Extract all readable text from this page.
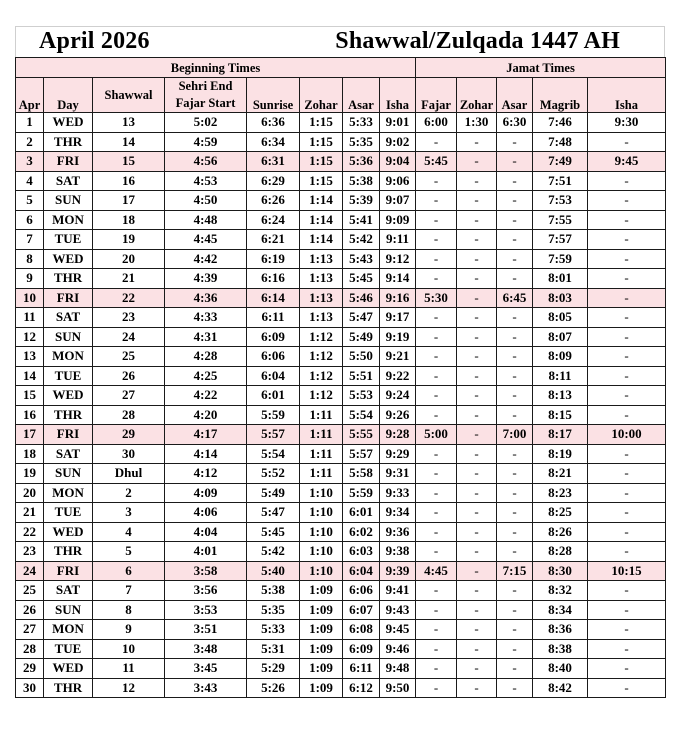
April 2026	Shawwal/Zulqada 1447 AH
Beginning Times								Jamat Times				
Apr	Day	Shawwal	Sehri End
Fajar Start	Sunrise	Zohar	Asar	Isha	Fajar	Zohar	Asar	Magrib	Isha
1	WED	13	5:02	6:36	1:15	5:33	9:01	6:00	1:30	6:30	7:46	9:30
2	THR	14	4:59	6:34	1:15	5:35	9:02	-	-	-	7:48	-
3	FRI	15	4:56	6:31	1:15	5:36	9:04	5:45	-	-	7:49	9:45
4	SAT	16	4:53	6:29	1:15	5:38	9:06	-	-	-	7:51	-
5	SUN	17	4:50	6:26	1:14	5:39	9:07	-	-	-	7:53	-
6	MON	18	4:48	6:24	1:14	5:41	9:09	-	-	-	7:55	-
7	TUE	19	4:45	6:21	1:14	5:42	9:11	-	-	-	7:57	-
8	WED	20	4:42	6:19	1:13	5:43	9:12	-	-	-	7:59	-
9	THR	21	4:39	6:16	1:13	5:45	9:14	-	-	-	8:01	-
10	FRI	22	4:36	6:14	1:13	5:46	9:16	5:30	-	6:45	8:03	-
11	SAT	23	4:33	6:11	1:13	5:47	9:17	-	-	-	8:05	-
12	SUN	24	4:31	6:09	1:12	5:49	9:19	-	-	-	8:07	-
13	MON	25	4:28	6:06	1:12	5:50	9:21	-	-	-	8:09	-
14	TUE	26	4:25	6:04	1:12	5:51	9:22	-	-	-	8:11	-
15	WED	27	4:22	6:01	1:12	5:53	9:24	-	-	-	8:13	-
16	THR	28	4:20	5:59	1:11	5:54	9:26	-	-	-	8:15	-
17	FRI	29	4:17	5:57	1:11	5:55	9:28	5:00	-	7:00	8:17	10:00
18	SAT	30	4:14	5:54	1:11	5:57	9:29	-	-	-	8:19	-
19	SUN	Dhul	4:12	5:52	1:11	5:58	9:31	-	-	-	8:21	-
20	MON	2	4:09	5:49	1:10	5:59	9:33	-	-	-	8:23	-
21	TUE	3	4:06	5:47	1:10	6:01	9:34	-	-	-	8:25	-
22	WED	4	4:04	5:45	1:10	6:02	9:36	-	-	-	8:26	-
23	THR	5	4:01	5:42	1:10	6:03	9:38	-	-	-	8:28	-
24	FRI	6	3:58	5:40	1:10	6:04	9:39	4:45	-	7:15	8:30	10:15
25	SAT	7	3:56	5:38	1:09	6:06	9:41	-	-	-	8:32	-
26	SUN	8	3:53	5:35	1:09	6:07	9:43	-	-	-	8:34	-
27	MON	9	3:51	5:33	1:09	6:08	9:45	-	-	-	8:36	-
28	TUE	10	3:48	5:31	1:09	6:09	9:46	-	-	-	8:38	-
29	WED	11	3:45	5:29	1:09	6:11	9:48	-	-	-	8:40	-
30	THR	12	3:43	5:26	1:09	6:12	9:50	-	-	-	8:42	-
